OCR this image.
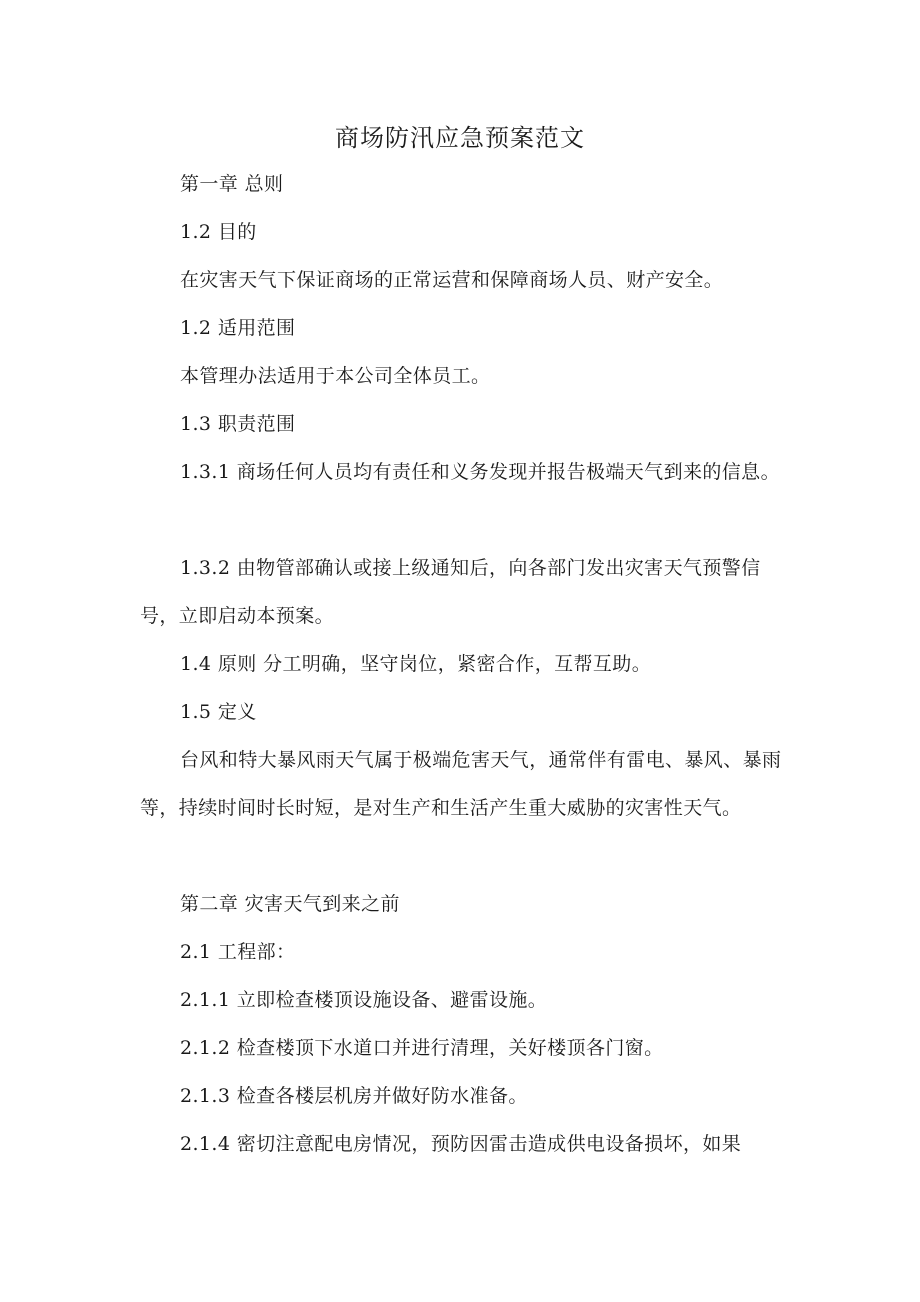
商场防汛应急预案范文

第一章 总则

1.2 目的

在灾害天气下保证商场的正常运营和保障商场人员、财产安全。

1.2 适用范围

本管理办法适用于本公司全体员工。

1.3 职责范围

1.3.1 商场任何人员均有责任和义务发现并报告极端天气到来的信息。

1.3.2 由物管部确认或接上级通知后，向各部门发出灾害天气预警信号，立即启动本预案。

1.4 原则 分工明确，坚守岗位，紧密合作，互帮互助。

1.5 定义

台风和特大暴风雨天气属于极端危害天气，通常伴有雷电、暴风、暴雨等，持续时间时长时短，是对生产和生活产生重大威胁的灾害性天气。

第二章 灾害天气到来之前

2.1 工程部：

2.1.1 立即检查楼顶设施设备、避雷设施。

2.1.2 检查楼顶下水道口并进行清理，关好楼顶各门窗。

2.1.3 检查各楼层机房并做好防水准备。

2.1.4 密切注意配电房情况，预防因雷击造成供电设备损坏，如果
